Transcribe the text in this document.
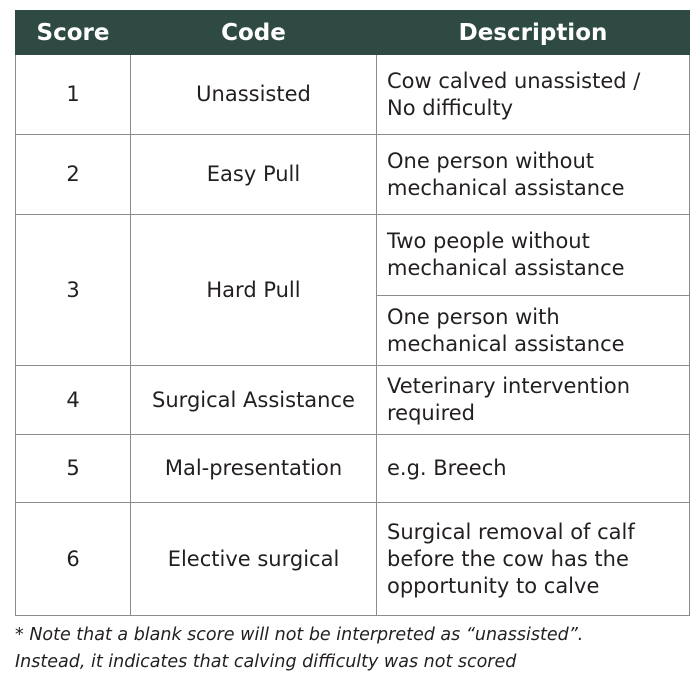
Score	Code	Description
1	Unassisted	Cow calved unassisted /
No difficulty

2	Easy Pull	One person without
mechanical assistance

3	Hard Pull	Two people without
mechanical assistance

		One person with
mechanical assistance

4	Surgical Assistance	Veterinary intervention
required

5	Mal-presentation	e.g. Breech

6	Elective surgical	Surgical removal of calf
before the cow has the
opportunity to calve

* Note that a blank score will not be interpreted as “unassisted”.
Instead, it indicates that calving difficulty was not scored
